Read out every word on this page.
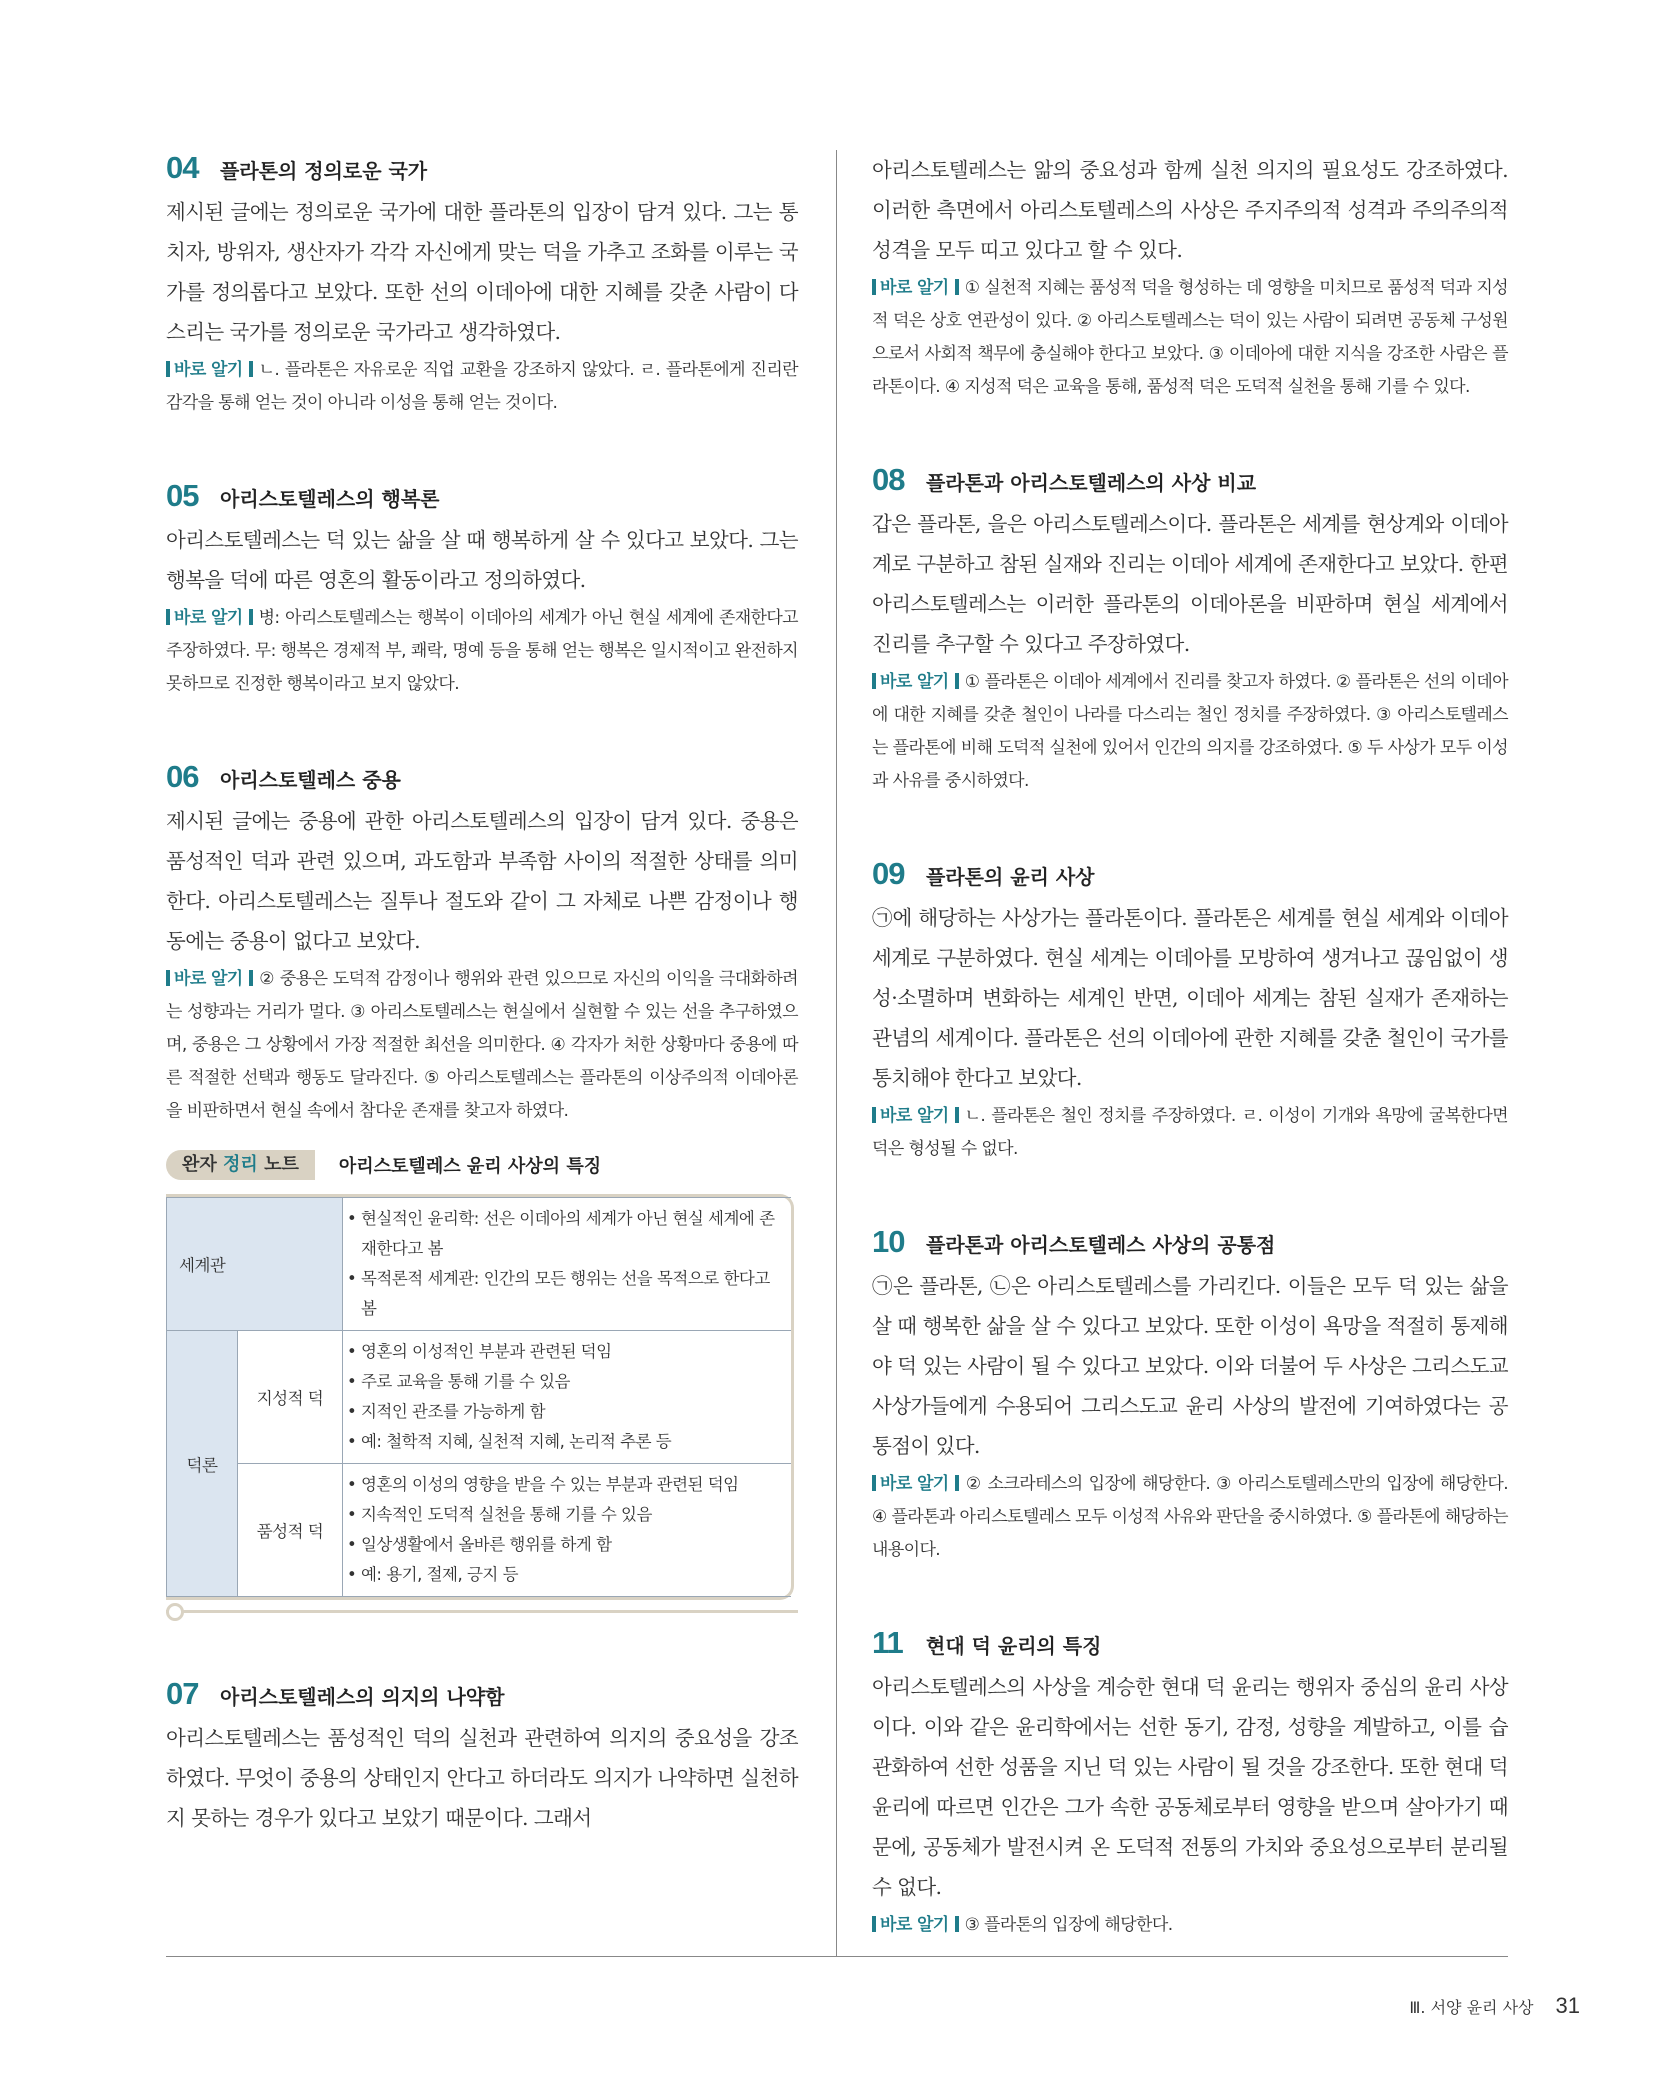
04	플라톤의 정의로운 국가

제시된 글에는 정의로운 국가에 대한 플라톤의 입장이 담겨 있다. 그는 통치자, 방위자, 생산자가 각각 자신에게 맞는 덕을 가추고 조화를 이루는 국가를 정의롭다고 보았다. 또한 선의 이데아에 대한 지혜를 갖춘 사람이 다스리는 국가를 정의로운 국가라고 생각하였다.

바로 알기 ㄴ. 플라톤은 자유로운 직업 교환을 강조하지 않았다. ㄹ. 플라톤에게 진리란 감각을 통해 얻는 것이 아니라 이성을 통해 얻는 것이다.

05	아리스토텔레스의 행복론

아리스토텔레스는 덕 있는 삶을 살 때 행복하게 살 수 있다고 보았다. 그는 행복을 덕에 따른 영혼의 활동이라고 정의하였다.

바로 알기 병: 아리스토텔레스는 행복이 이데아의 세계가 아닌 현실 세계에 존재한다고 주장하였다. 무: 행복은 경제적 부, 쾌락, 명예 등을 통해 얻는 행복은 일시적이고 완전하지 못하므로 진정한 행복이라고 보지 않았다.

06	아리스토텔레스 중용

제시된 글에는 중용에 관한 아리스토텔레스의 입장이 담겨 있다. 중용은 품성적인 덕과 관련 있으며, 과도함과 부족함 사이의 적절한 상태를 의미한다. 아리스토텔레스는 질투나 절도와 같이 그 자체로 나쁜 감정이나 행동에는 중용이 없다고 보았다.

바로 알기 ② 중용은 도덕적 감정이나 행위와 관련 있으므로 자신의 이익을 극대화하려는 성향과는 거리가 멀다. ③ 아리스토텔레스는 현실에서 실현할 수 있는 선을 추구하였으며, 중용은 그 상황에서 가장 적절한 최선을 의미한다. ④ 각자가 처한 상황마다 중용에 따른 적절한 선택과 행동도 달라진다. ⑤ 아리스토텔레스는 플라톤의 이상주의적 이데아론을 비판하면서 현실 속에서 참다운 존재를 찾고자 하였다.

완자 정리 노트	아리스토텔레스 윤리 사상의 특징
세계관		• 현실적인 윤리학: 선은 이데아의 세계가 아닌 현실 세계에 존재한다고 봄
• 목적론적 세계관: 인간의 모든 행위는 선을 목적으로 한다고 봄

덕론	지성적 덕	• 영혼의 이성적인 부분과 관련된 덕임
• 주로 교육을 통해 기를 수 있음
• 지적인 관조를 가능하게 함
• 예: 철학적 지혜, 실천적 지혜, 논리적 추론 등

	품성적 덕	• 영혼의 이성의 영향을 받을 수 있는 부분과 관련된 덕임
• 지속적인 도덕적 실천을 통해 기를 수 있음
• 일상생활에서 올바른 행위를 하게 함
• 예: 용기, 절제, 긍지 등
07	아리스토텔레스의 의지의 나약함

아리스토텔레스는 품성적인 덕의 실천과 관련하여 의지의 중요성을 강조하였다. 무엇이 중용의 상태인지 안다고 하더라도 의지가 나약하면 실천하지 못하는 경우가 있다고 보았기 때문이다. 그래서

아리스토텔레스는 앎의 중요성과 함께 실천 의지의 필요성도 강조하였다. 이러한 측면에서 아리스토텔레스의 사상은 주지주의적 성격과 주의주의적 성격을 모두 띠고 있다고 할 수 있다.

바로 알기 ① 실천적 지혜는 품성적 덕을 형성하는 데 영향을 미치므로 품성적 덕과 지성적 덕은 상호 연관성이 있다. ② 아리스토텔레스는 덕이 있는 사람이 되려면 공동체 구성원으로서 사회적 책무에 충실해야 한다고 보았다. ③ 이데아에 대한 지식을 강조한 사람은 플라톤이다. ④ 지성적 덕은 교육을 통해, 품성적 덕은 도덕적 실천을 통해 기를 수 있다.

08	플라톤과 아리스토텔레스의 사상 비교

갑은 플라톤, 을은 아리스토텔레스이다. 플라톤은 세계를 현상계와 이데아계로 구분하고 참된 실재와 진리는 이데아 세계에 존재한다고 보았다. 한편 아리스토텔레스는 이러한 플라톤의 이데아론을 비판하며 현실 세계에서 진리를 추구할 수 있다고 주장하였다.

바로 알기 ① 플라톤은 이데아 세계에서 진리를 찾고자 하였다. ② 플라톤은 선의 이데아에 대한 지혜를 갖춘 철인이 나라를 다스리는 철인 정치를 주장하였다. ③ 아리스토텔레스는 플라톤에 비해 도덕적 실천에 있어서 인간의 의지를 강조하였다. ⑤ 두 사상가 모두 이성과 사유를 중시하였다.

09	플라톤의 윤리 사상

㉠에 해당하는 사상가는 플라톤이다. 플라톤은 세계를 현실 세계와 이데아 세계로 구분하였다. 현실 세계는 이데아를 모방하여 생겨나고 끊임없이 생성·소멸하며 변화하는 세계인 반면, 이데아 세계는 참된 실재가 존재하는 관념의 세계이다. 플라톤은 선의 이데아에 관한 지혜를 갖춘 철인이 국가를 통치해야 한다고 보았다.

바로 알기 ㄴ. 플라톤은 철인 정치를 주장하였다. ㄹ. 이성이 기개와 욕망에 굴복한다면 덕은 형성될 수 없다.

10	플라톤과 아리스토텔레스 사상의 공통점

㉠은 플라톤, ㉡은 아리스토텔레스를 가리킨다. 이들은 모두 덕 있는 삶을 살 때 행복한 삶을 살 수 있다고 보았다. 또한 이성이 욕망을 적절히 통제해야 덕 있는 사람이 될 수 있다고 보았다. 이와 더불어 두 사상은 그리스도교 사상가들에게 수용되어 그리스도교 윤리 사상의 발전에 기여하였다는 공통점이 있다.

바로 알기 ② 소크라테스의 입장에 해당한다. ③ 아리스토텔레스만의 입장에 해당한다. ④ 플라톤과 아리스토텔레스 모두 이성적 사유와 판단을 중시하였다. ⑤ 플라톤에 해당하는 내용이다.

11	현대 덕 윤리의 특징

아리스토텔레스의 사상을 계승한 현대 덕 윤리는 행위자 중심의 윤리 사상이다. 이와 같은 윤리학에서는 선한 동기, 감정, 성향을 계발하고, 이를 습관화하여 선한 성품을 지닌 덕 있는 사람이 될 것을 강조한다. 또한 현대 덕 윤리에 따르면 인간은 그가 속한 공동체로부터 영향을 받으며 살아가기 때문에, 공동체가 발전시켜 온 도덕적 전통의 가치와 중요성으로부터 분리될 수 없다.

바로 알기 ③ 플라톤의 입장에 해당한다.

Ⅲ. 서양 윤리 사상 31
